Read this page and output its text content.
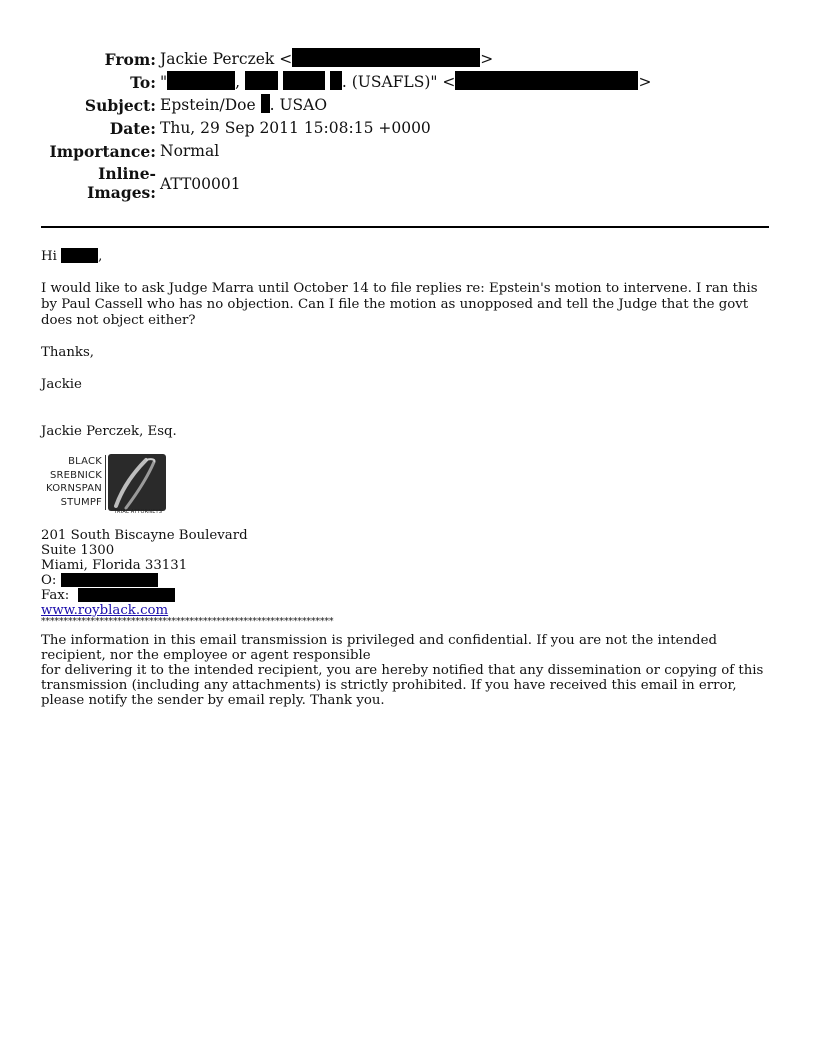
From: Jackie Perczek <	>
To: "	,	. (USAFLS)" <	>
Subject: Epstein/Doe . USAO
Date: Thu, 29 Sep 2011 15:08:15 +0000
Importance: Normal
Inline-
Images: ATT00001
Hi	,
I would like to ask Judge Marra until October 14 to file replies re: Epstein's motion to intervene. I ran this by Paul Cassell who has no objection. Can I file the motion as unopposed and tell the Judge that the govt does not object either?
Thanks,
Jackie
Jackie Perczek, Esq.
BLACK
SREBNICK
KORNSPAN
STUMPF
TRIAL ATTORNEYS
201 South Biscayne Boulevard
Suite 1300
Miami, Florida 33131
O:
Fax:
www.royblack.com
*****************************************************************
The information in this email transmission is privileged and confidential. If you are not the intended recipient, nor the employee or agent responsible
for delivering it to the intended recipient, you are hereby notified that any dissemination or copying of this transmission (including any attachments) is strictly prohibited. If you have received this email in error, please notify the sender by email reply. Thank you.
